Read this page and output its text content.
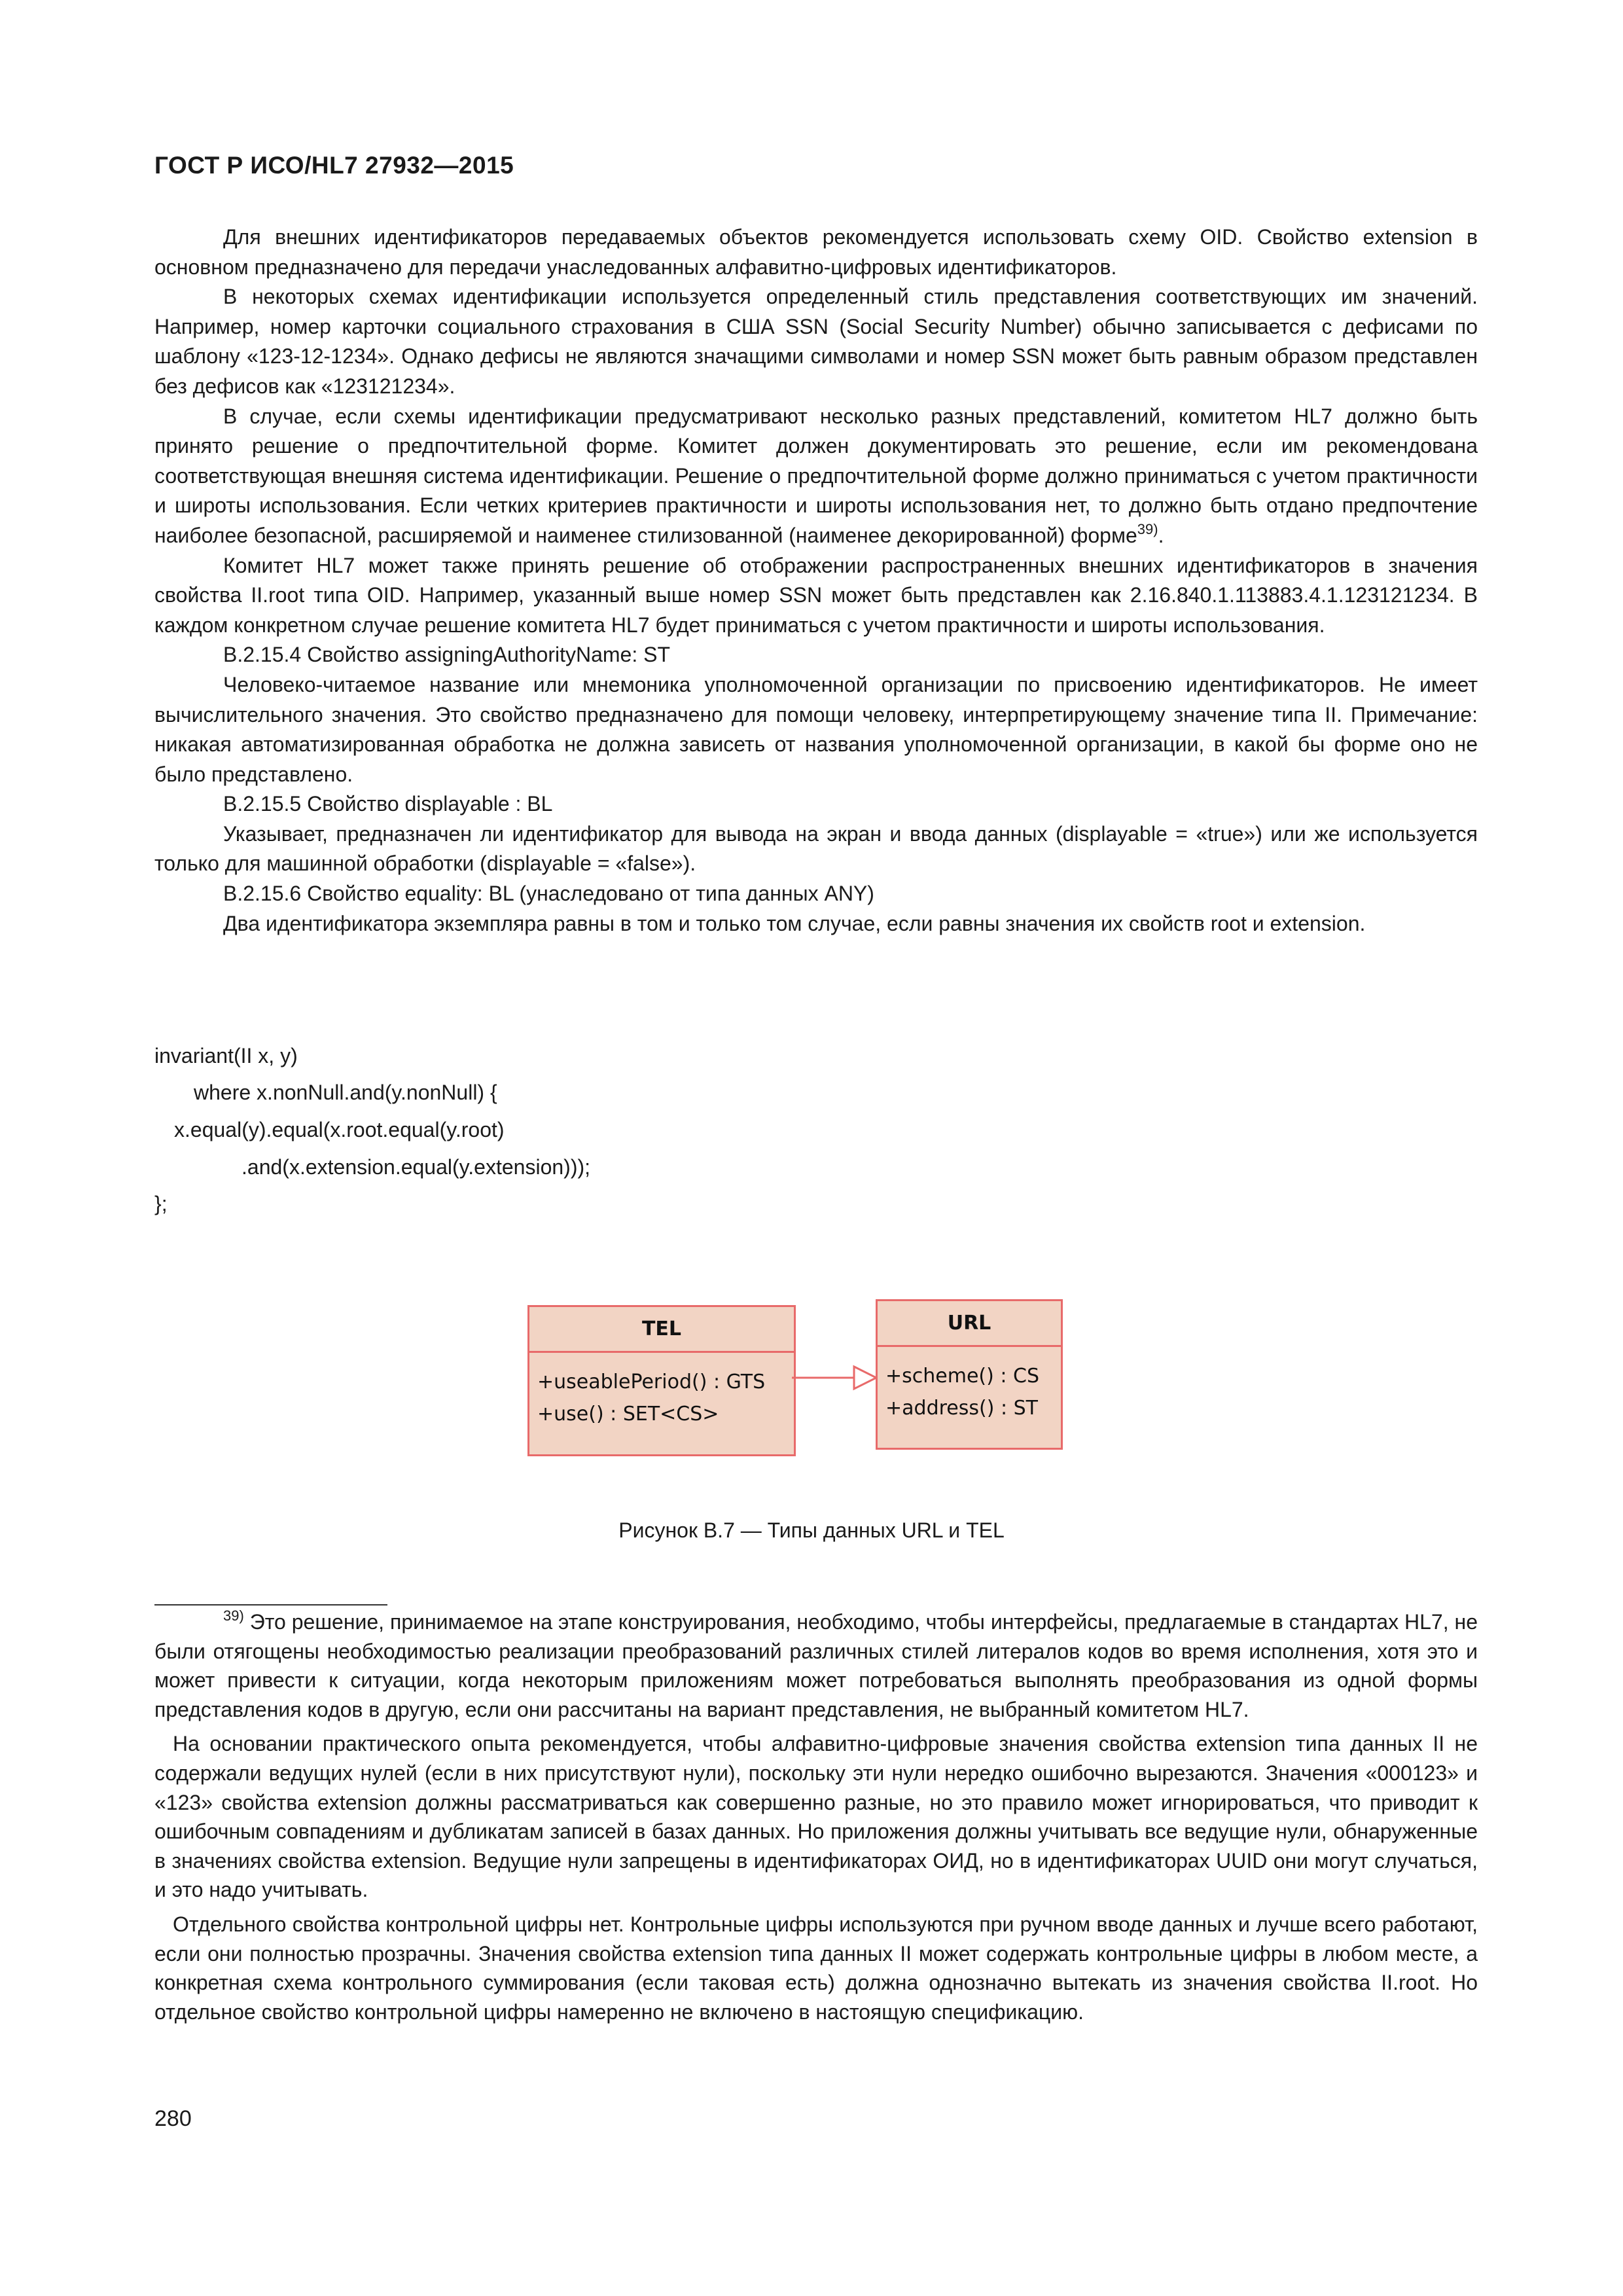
ГОСТ Р ИСО/HL7 27932—2015

Для внешних идентификаторов передаваемых объектов рекомендуется использовать схему OID. Свойство extension в основном предназначено для передачи унаследованных алфавитно-цифровых идентификаторов.

В некоторых схемах идентификации используется определенный стиль представления соответствующих им значений. Например, номер карточки социального страхования в США SSN (Social Security Number) обычно записывается с дефисами по шаблону «123-12-1234». Однако дефисы не являются значащими символами и номер SSN может быть равным образом представлен без дефисов как «123121234».

В случае, если схемы идентификации предусматривают несколько разных представлений, комитетом HL7 должно быть принято решение о предпочтительной форме. Комитет должен документировать это решение, если им рекомендована соответствующая внешняя система идентификации. Решение о предпочтительной форме должно приниматься с учетом практичности и широты использования. Если четких критериев практичности и широты использования нет, то должно быть отдано предпочтение наиболее безопасной, расширяемой и наименее стилизованной (наименее декорированной) форме$^{39)}$.

Комитет HL7 может также принять решение об отображении распространенных внешних идентификаторов в значения свойства II.root типа OID. Например, указанный выше номер SSN может быть представлен как 2.16.840.1.113883.4.1.123121234. В каждом конкретном случае решение комитета HL7 будет приниматься с учетом практичности и широты использования.

В.2.15.4 Свойство assigningAuthorityName: ST

Человеко-читаемое название или мнемоника уполномоченной организации по присвоению идентификаторов. Не имеет вычислительного значения. Это свойство предназначено для помощи человеку, интерпретирующему значение типа II. Примечание: никакая автоматизированная обработка не должна зависеть от названия уполномоченной организации, в какой бы форме оно не было представлено.

В.2.15.5 Свойство displayable : BL

Указывает, предназначен ли идентификатор для вывода на экран и ввода данных (displayable = «true») или же используется только для машинной обработки (displayable = «false»).

В.2.15.6 Свойство equality: BL (унаследовано от типа данных ANY)

Два идентификатора экземпляра равны в том и только том случае, если равны значения их свойств root и extension.

invariant(II x, y)
where x.nonNull.and(y.nonNull) {
x.equal(y).equal(x.root.equal(y.root)
.and(x.extension.equal(y.extension)));
};
TEL
+useablePeriod() : GTS
+use() : SET<CS>
URL
+scheme() : CS
+address() : ST
Рисунок В.7 — Типы данных URL и TEL

$^{39)}$ Это решение, принимаемое на этапе конструирования, необходимо, чтобы интерфейсы, предлагаемые в стандартах HL7, не были отягощены необходимостью реализации преобразований различных стилей литералов кодов во время исполнения, хотя это и может привести к ситуации, когда некоторым приложениям может потребоваться выполнять преобразования из одной формы представления кодов в другую, если они рассчитаны на вариант представления, не выбранный комитетом HL7.

На основании практического опыта рекомендуется, чтобы алфавитно-цифровые значения свойства extension типа данных II не содержали ведущих нулей (если в них присутствуют нули), поскольку эти нули нередко ошибочно вырезаются. Значения «000123» и «123» свойства extension должны рассматриваться как совершенно разные, но это правило может игнорироваться, что приводит к ошибочным совпадениям и дубликатам записей в базах данных. Но приложения должны учитывать все ведущие нули, обнаруженные в значениях свойства extension. Ведущие нули запрещены в идентификаторах ОИД, но в идентификаторах UUID они могут случаться, и это надо учитывать.

Отдельного свойства контрольной цифры нет. Контрольные цифры используются при ручном вводе данных и лучше всего работают, если они полностью прозрачны. Значения свойства extension типа данных II может содержать контрольные цифры в любом месте, а конкретная схема контрольного суммирования (если таковая есть) должна однозначно вытекать из значения свойства II.root. Но отдельное свойство контрольной цифры намеренно не включено в настоящую спецификацию.

280
